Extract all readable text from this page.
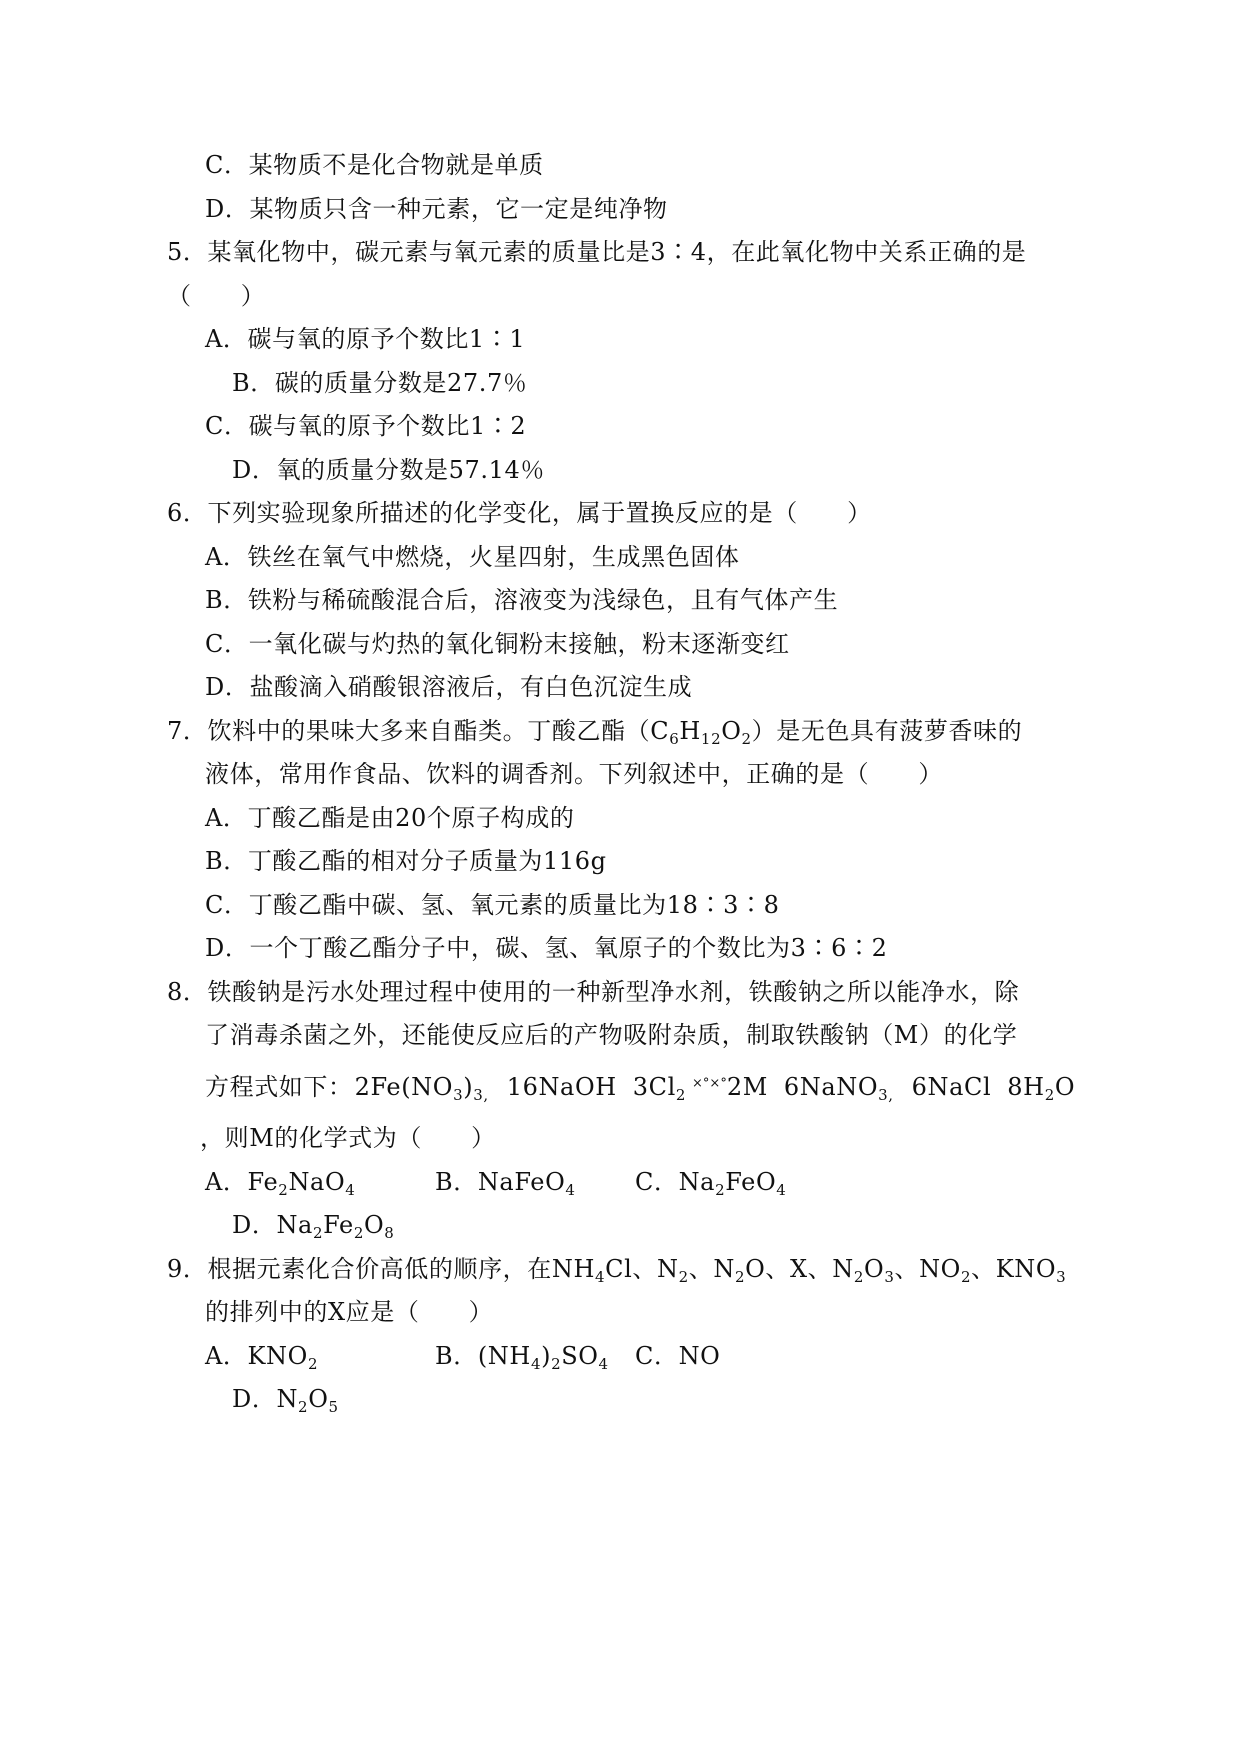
C．某物质不是化合物就是单质
D．某物质只含一种元素，它一定是纯净物
5．某氧化物中，碳元素与氧元素的质量比是3∶4，在此氧化物中关系正确的是
（　　）
A．碳与氧的原予个数比1∶1
B．碳的质量分数是27.7％
C．碳与氧的原予个数比1∶2
D．氧的质量分数是57.14％
6．下列实验现象所描述的化学变化，属于置换反应的是（　　）
A．铁丝在氧气中燃烧，火星四射，生成黑色固体
B．铁粉与稀硫酸混合后，溶液变为浅绿色，且有气体产生
C．一氧化碳与灼热的氧化铜粉末接触，粉末逐渐变红
D．盐酸滴入硝酸银溶液后，有白色沉淀生成
7．饮料中的果味大多来自酯类。丁酸乙酯$(C_6H_{12}O_2)$是无色具有菠萝香味的
液体，常用作食品、饮料的调香剂。下列叙述中，正确的是（　　）
A．丁酸乙酯是由20个原子构成的
B．丁酸乙酯的相对分子质量为116g
C．丁酸乙酯中碳、氢、氧元素的质量比为18∶3∶8
D．一个丁酸乙酯分子中，碳、氢、氧原子的个数比为3∶6∶2
8．铁酸钠是污水处理过程中使用的一种新型净水剂，铁酸钠之所以能净水，除
了消毒杀菌之外，还能使反应后的产物吸附杂质，制取铁酸钠（M）的化学
方程式如下：$2Fe(NO_3)_{3,}$ 16NaOH $3Cl_2^{\times^\circ\times^\circ}2M$ 6NaNO$_{3,}$ 6NaCl $8H_2O$
，则M的化学式为（　　）
A．$Fe_2NaO_4$	B．NaFeO$_4$ C．$Na_2FeO_4$
D．$Na_2Fe_2O_8$
9．根据元素化合价高低的顺序，在$NH_4Cl$、$N_2$、$N_2O$、X、$N_2O_3$、$NO_2$、$KNO_3$
的排列中的X应是（　　）
A．$KNO_2$	B．$(NH_4)_2SO_4$ C．NO
D．$N_2O_5$
